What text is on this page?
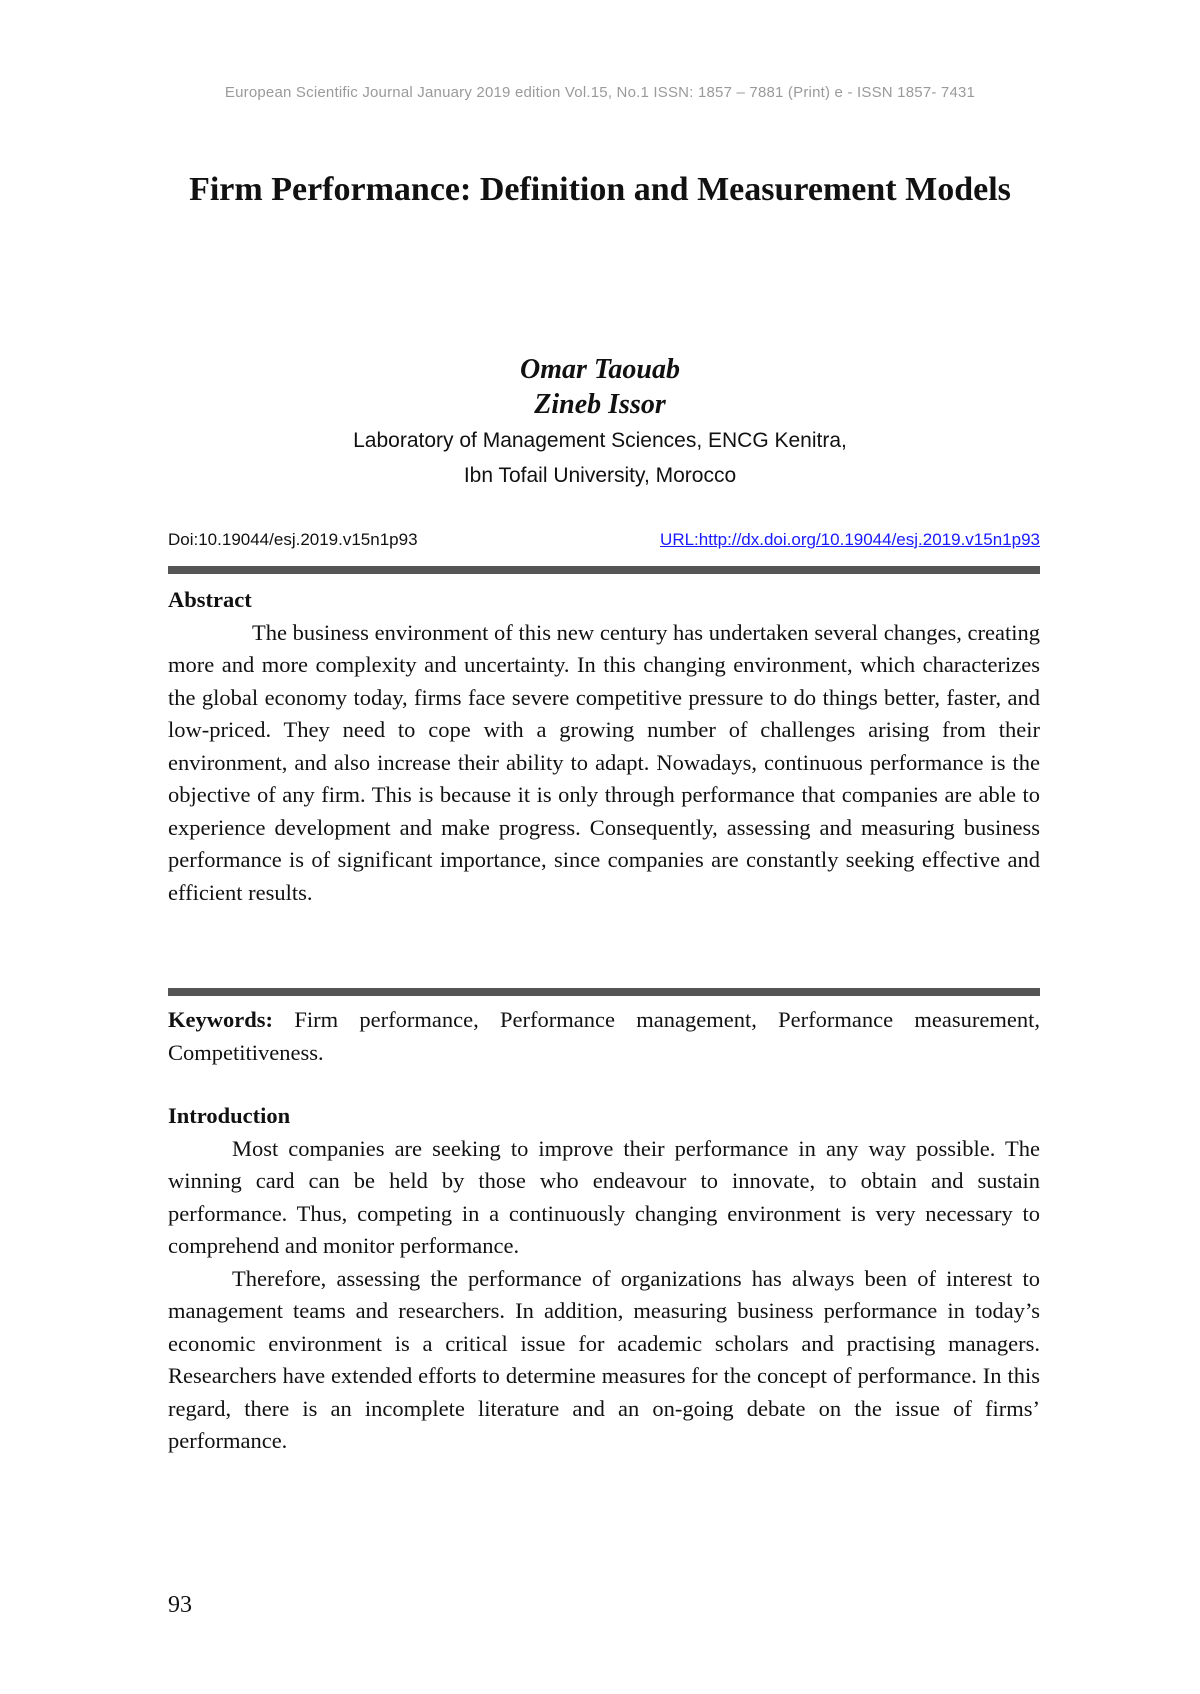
European Scientific Journal January 2019 edition Vol.15, No.1 ISSN: 1857 – 7881 (Print) e - ISSN 1857- 7431
Firm Performance: Definition and Measurement Models
Omar Taouab
Zineb Issor
Laboratory of Management Sciences, ENCG Kenitra,
Ibn Tofail University, Morocco
Doi:10.19044/esj.2019.v15n1p93	URL:http://dx.doi.org/10.19044/esj.2019.v15n1p93
Abstract

The business environment of this new century has undertaken several changes, creating more and more complexity and uncertainty. In this changing environment, which characterizes the global economy today, firms face severe competitive pressure to do things better, faster, and low-priced. They need to cope with a growing number of challenges arising from their environment, and also increase their ability to adapt. Nowadays, continuous performance is the objective of any firm. This is because it is only through performance that companies are able to experience development and make progress. Consequently, assessing and measuring business performance is of significant importance, since companies are constantly seeking effective and efficient results.

Keywords: Firm performance, Performance management, Performance measurement, Competitiveness.

Introduction

Most companies are seeking to improve their performance in any way possible. The winning card can be held by those who endeavour to innovate, to obtain and sustain performance. Thus, competing in a continuously changing environment is very necessary to comprehend and monitor performance.

Therefore, assessing the performance of organizations has always been of interest to management teams and researchers. In addition, measuring business performance in today’s economic environment is a critical issue for academic scholars and practising managers. Researchers have extended efforts to determine measures for the concept of performance. In this regard, there is an incomplete literature and an on-going debate on the issue of firms’ performance.

93
